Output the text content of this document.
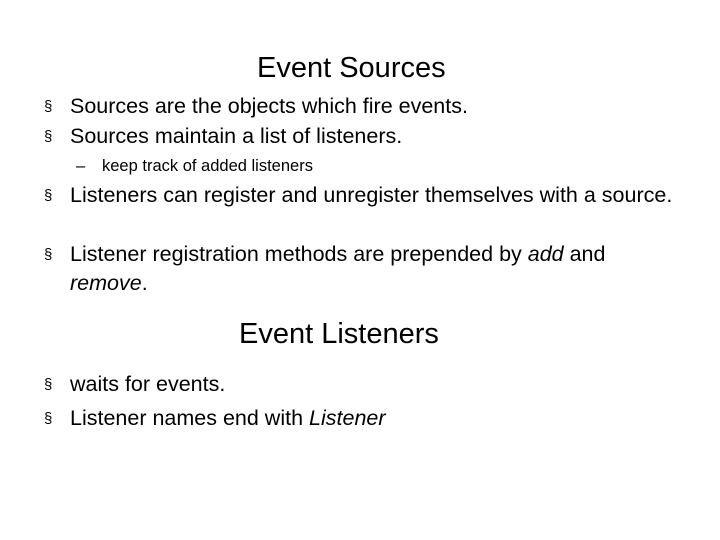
Event Sources
§ Sources are the objects which fire events.
§ Sources maintain a list of listeners.
– keep track of added listeners
§ Listeners can register and unregister themselves with a source.
§ Listener registration methods are prepended by add and remove.
Event Listeners
§ waits for events.
§ Listener names end with Listener
